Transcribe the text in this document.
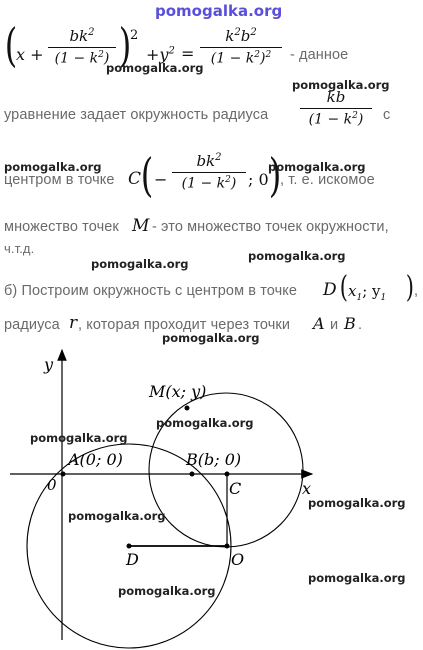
pomogalka.org
(
x +
$bk^2$
$(1 - k^2)$ )
2
$+y^2$ =
$k^2b^2$
$(1 - k^2)^2$	- данное
уравнение задает окружность радиуса
kb
$(1 - k^2)$	с
центром в точке C ( −
$bk^2$
$(1 - k^2)$ ; 0 )
, т. е. искомое
множество точек M - это множество точек окружности,
ч.т.д.
б) Построим окружность с центром в точке D ( $x_1$; $y_1$ ) ,
радиуса r , которая проходит через точки A и B .
y
x
0
M(x; y)
A(0; 0)	B(b; 0)
C
D	O
pomogalka.org
pomogalka.org
pomogalka.org	pomogalka.org
pomogalka.org
pomogalka.org
pomogalka.org
pomogalka.org
pomogalka.org
pomogalka.org
pomogalka.org
pomogalka.org
pomogalka.org
